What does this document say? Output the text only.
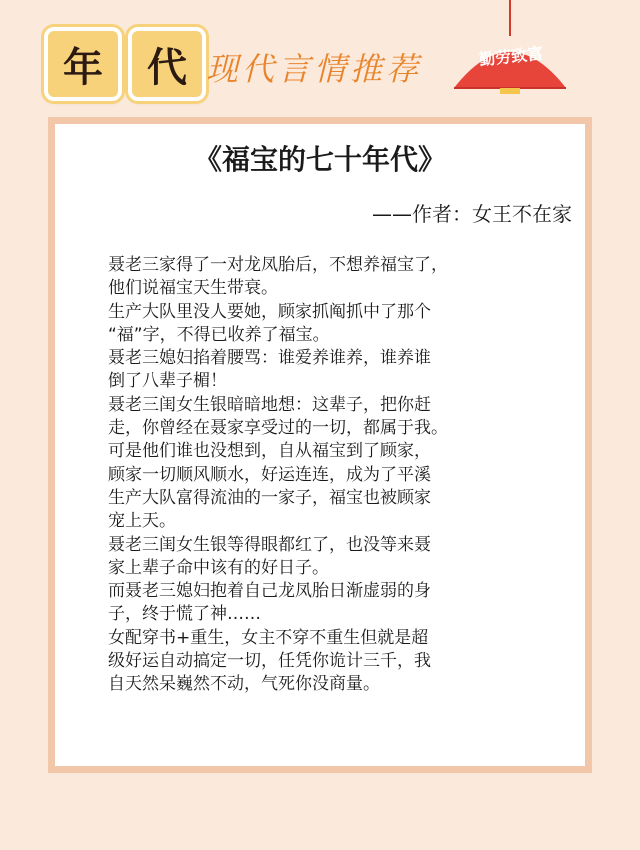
年	代 现代言情推荐	勤劳致富
《福宝的七十年代》
——作者：女王不在家
聂老三家得了一对龙凤胎后，不想养福宝了，
他们说福宝天生带衰。
生产大队里没人要她，顾家抓阄抓中了那个
“福”字，不得已收养了福宝。
聂老三媳妇掐着腰骂：谁爱养谁养，谁养谁
倒了八辈子楣！
聂老三闺女生银暗暗地想：这辈子，把你赶
走，你曾经在聂家享受过的一切，都属于我。
可是他们谁也没想到，自从福宝到了顾家，
顾家一切顺风顺水，好运连连，成为了平溪
生产大队富得流油的一家子，福宝也被顾家
宠上天。
聂老三闺女生银等得眼都红了，也没等来聂
家上辈子命中该有的好日子。
而聂老三媳妇抱着自己龙凤胎日渐虚弱的身
子，终于慌了神……
女配穿书+重生，女主不穿不重生但就是超
级好运自动搞定一切，任凭你诡计三千，我
自天然呆巍然不动，气死你没商量。
